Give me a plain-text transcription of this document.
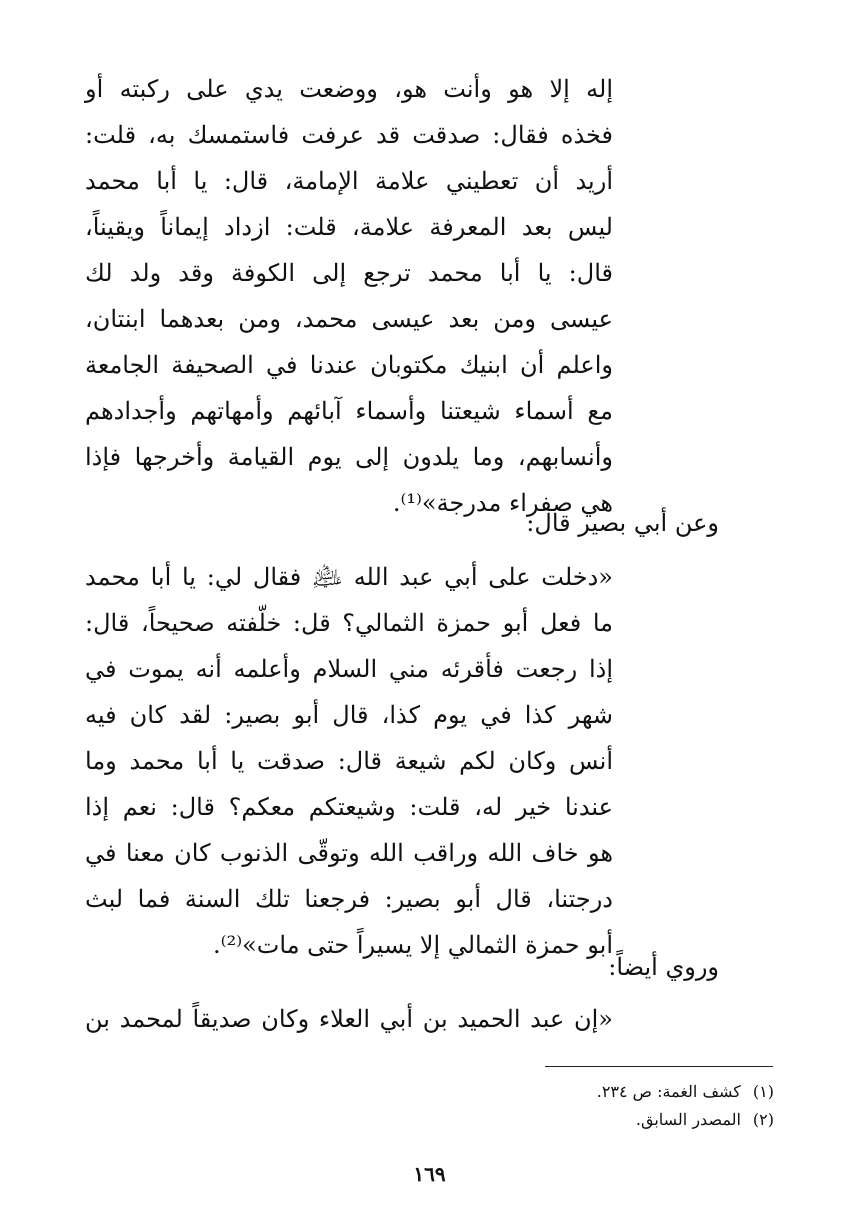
إله إلا هو وأنت هو، ووضعت يدي على ركبته أو
فخذه فقال: صدقت قد عرفت فاستمسك به، قلت:
أريد أن تعطيني علامة الإمامة، قال: يا أبا محمد
ليس بعد المعرفة علامة، قلت: ازداد إيماناً ويقيناً،
قال: يا أبا محمد ترجع إلى الكوفة وقد ولد لك
عيسى ومن بعد عيسى محمد، ومن بعدهما ابنتان،
واعلم أن ابنيك مكتوبان عندنا في الصحيفة الجامعة
مع أسماء شيعتنا وأسماء آبائهم وأمهاتهم وأجدادهم
وأنسابهم، وما يلدون إلى يوم القيامة وأخرجها فإذا
هي صفراء مدرجة»⁽¹⁾.
وعن أبي بصير قال:
«دخلت على أبي عبد الله ﵇ فقال لي: يا أبا محمد
ما فعل أبو حمزة الثمالي؟ قل: خلّفته صحيحاً، قال:
إذا رجعت فأقرئه مني السلام وأعلمه أنه يموت في
شهر كذا في يوم كذا، قال أبو بصير: لقد كان فيه
أنس وكان لكم شيعة قال: صدقت يا أبا محمد وما
عندنا خير له، قلت: وشيعتكم معكم؟ قال: نعم إذا
هو خاف الله وراقب الله وتوقّى الذنوب كان معنا في
درجتنا، قال أبو بصير: فرجعنا تلك السنة فما لبث
أبو حمزة الثمالي إلا يسيراً حتى مات»⁽²⁾.
وروي أيضاً:
«إن عبد الحميد بن أبي العلاء وكان صديقاً لمحمد بن
(١)كشف الغمة: ص ٢٣٤.
(٢)المصدر السابق.
١٦٩
